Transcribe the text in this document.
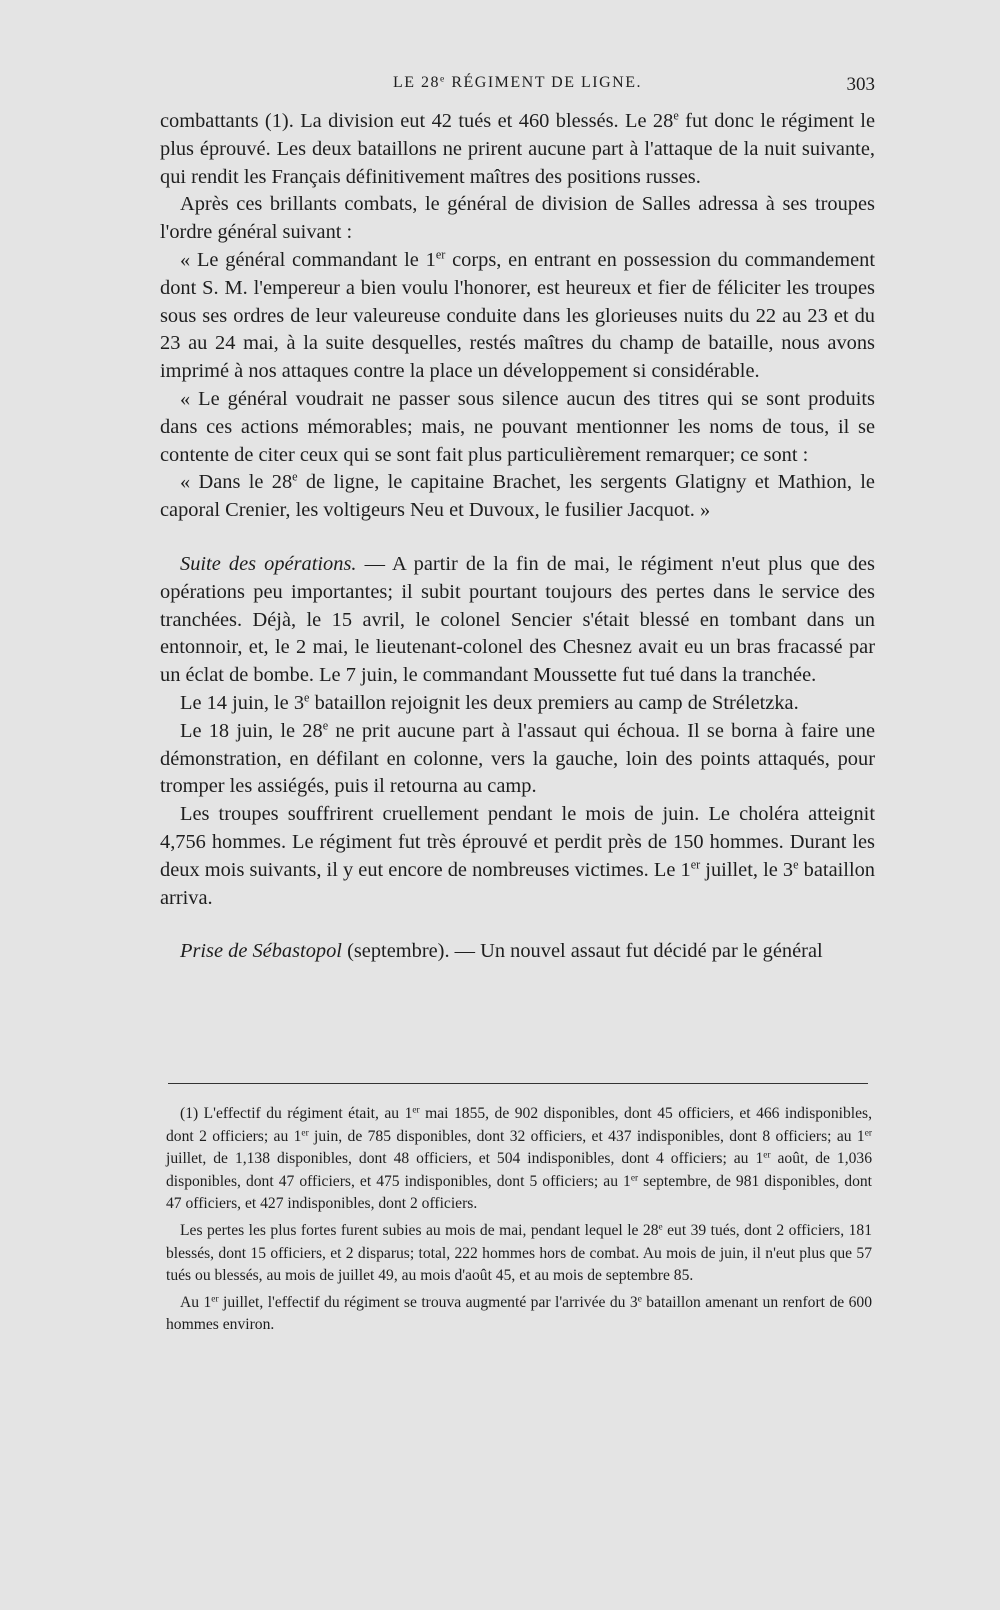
LE 28e RÉGIMENT DE LIGNE.	303

combattants (1). La division eut 42 tués et 460 blessés. Le 28e fut donc le régiment le plus éprouvé. Les deux bataillons ne prirent aucune part à l'attaque de la nuit suivante, qui rendit les Français définitivement maîtres des positions russes.

Après ces brillants combats, le général de division de Salles adressa à ses troupes l'ordre général suivant :

« Le général commandant le 1er corps, en entrant en possession du commandement dont S. M. l'empereur a bien voulu l'honorer, est heureux et fier de féliciter les troupes sous ses ordres de leur valeureuse conduite dans les glorieuses nuits du 22 au 23 et du 23 au 24 mai, à la suite desquelles, restés maîtres du champ de bataille, nous avons imprimé à nos attaques contre la place un développement si considérable.

« Le général voudrait ne passer sous silence aucun des titres qui se sont produits dans ces actions mémorables; mais, ne pouvant mentionner les noms de tous, il se contente de citer ceux qui se sont fait plus particulièrement remarquer; ce sont :

« Dans le 28e de ligne, le capitaine Brachet, les sergents Glatigny et Mathion, le caporal Crenier, les voltigeurs Neu et Duvoux, le fusilier Jacquot. »

Suite des opérations. — A partir de la fin de mai, le régiment n'eut plus que des opérations peu importantes; il subit pourtant toujours des pertes dans le service des tranchées. Déjà, le 15 avril, le colonel Sencier s'était blessé en tombant dans un entonnoir, et, le 2 mai, le lieutenant-colonel des Chesnez avait eu un bras fracassé par un éclat de bombe. Le 7 juin, le commandant Moussette fut tué dans la tranchée.

Le 14 juin, le 3e bataillon rejoignit les deux premiers au camp de Stréletzka.

Le 18 juin, le 28e ne prit aucune part à l'assaut qui échoua. Il se borna à faire une démonstration, en défilant en colonne, vers la gauche, loin des points attaqués, pour tromper les assiégés, puis il retourna au camp.

Les troupes souffrirent cruellement pendant le mois de juin. Le choléra atteignit 4,756 hommes. Le régiment fut très éprouvé et perdit près de 150 hommes. Durant les deux mois suivants, il y eut encore de nombreuses victimes. Le 1er juillet, le 3e bataillon arriva.

Prise de Sébastopol (septembre). — Un nouvel assaut fut décidé par le général

(1) L'effectif du régiment était, au 1er mai 1855, de 902 disponibles, dont 45 officiers, et 466 indisponibles, dont 2 officiers; au 1er juin, de 785 disponibles, dont 32 officiers, et 437 indisponibles, dont 8 officiers; au 1er juillet, de 1,138 disponibles, dont 48 officiers, et 504 indisponibles, dont 4 officiers; au 1er août, de 1,036 disponibles, dont 47 officiers, et 475 indisponibles, dont 5 officiers; au 1er septembre, de 981 disponibles, dont 47 officiers, et 427 indisponibles, dont 2 officiers.

Les pertes les plus fortes furent subies au mois de mai, pendant lequel le 28e eut 39 tués, dont 2 officiers, 181 blessés, dont 15 officiers, et 2 disparus; total, 222 hommes hors de combat. Au mois de juin, il n'eut plus que 57 tués ou blessés, au mois de juillet 49, au mois d'août 45, et au mois de septembre 85.

Au 1er juillet, l'effectif du régiment se trouva augmenté par l'arrivée du 3e bataillon amenant un renfort de 600 hommes environ.
